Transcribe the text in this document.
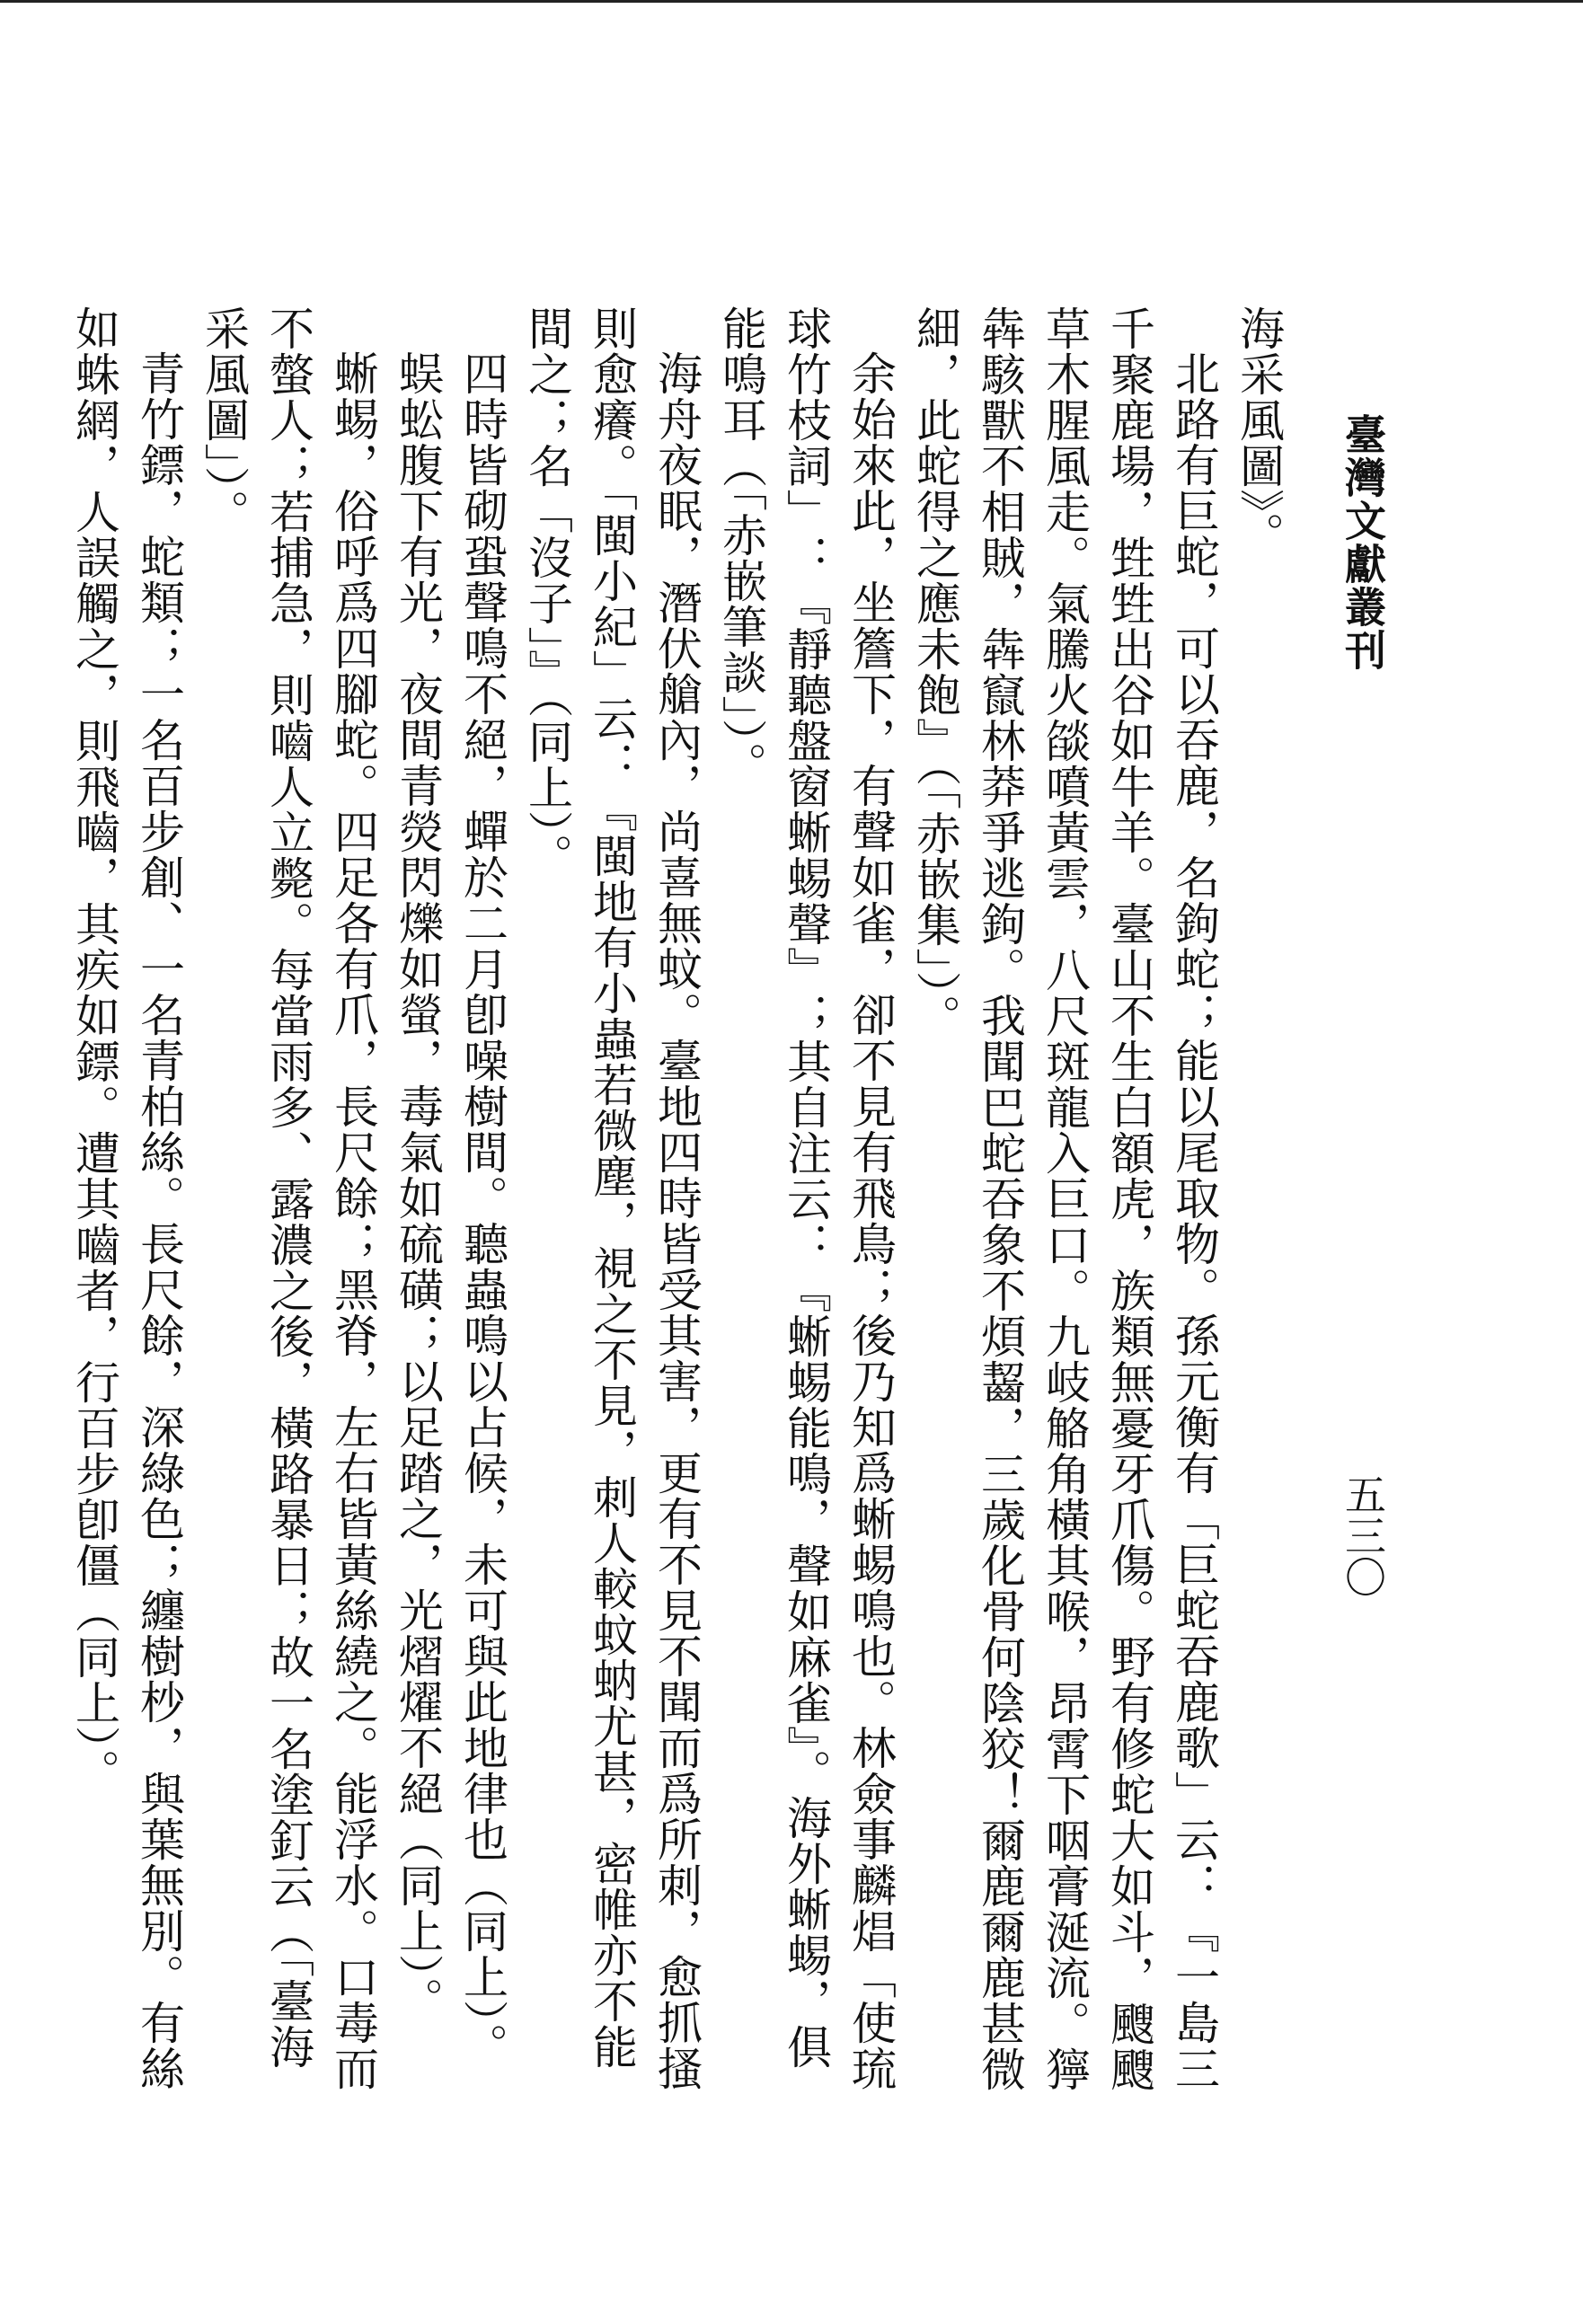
臺灣文獻叢刊
五三〇
海采風圖》。
北路有巨蛇，可以吞鹿，名鉤蛇；能以尾取物。孫元衡有「巨蛇吞鹿歌」云：『一島三千聚鹿場，甡甡出谷如牛羊。臺山不生白額虎，族類無憂牙爪傷。野有修蛇大如斗，颼颼草木腥風走。氣騰火燄噴黃雲，八尺斑龍入巨口。九岐觡角橫其喉，昂霄下咽膏涎流。獰犇駭獸不相賊，犇竄林莽爭逃鉤。我聞巴蛇吞象不煩齧，三歲化骨何陰狡！爾鹿爾鹿甚微細，此蛇得之應未飽』（「赤嵌集」）。
余始來此，坐簷下，有聲如雀，卻不見有飛鳥；後乃知爲蜥蜴鳴也。林僉事麟焻「使琉球竹枝詞」：『靜聽盤窗蜥蜴聲』；其自注云：『蜥蜴能鳴，聲如麻雀』。海外蜥蜴，俱能鳴耳（「赤嵌筆談」）。
海舟夜眠，潛伏艙內，尚喜無蚊。臺地四時皆受其害，更有不見不聞而爲所刺，愈抓搔則愈癢。「閩小紀」云：『閩地有小蟲若微塵，視之不見，刺人較蚊蚋尤甚，密帷亦不能間之；名「沒子」』（同上）。
四時皆砌蛩聲鳴不絕，蟬於二月卽噪樹間。聽蟲鳴以占候，未可與此地律也（同上）。
蜈蚣腹下有光，夜間青熒閃爍如螢，毒氣如硫磺；以足踏之，光熠燿不絕（同上）。
蜥蜴，俗呼爲四腳蛇。四足各有爪，長尺餘；黑脊，左右皆黃絲繞之。能浮水。口毒而不螫人；若捕急，則嚙人立斃。每當雨多、露濃之後，橫路暴日；故一名塗釘云（「臺海采風圖」）。
青竹鏢，蛇類；一名百步創、一名青柏絲。長尺餘，深綠色；纏樹杪，與葉無別。有絲如蛛網，人誤觸之，則飛嚙，其疾如鏢。遭其嚙者，行百步卽僵（同上）。
